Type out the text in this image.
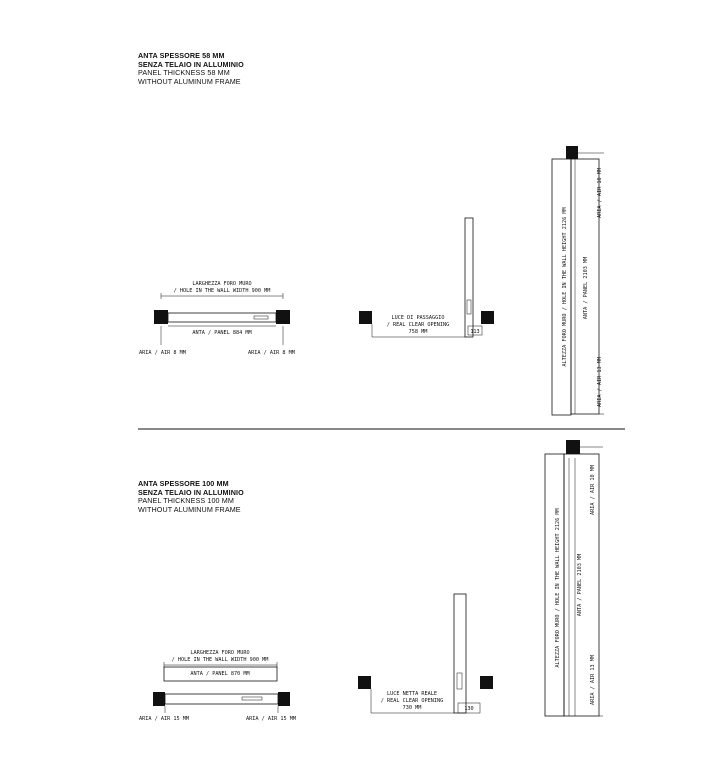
ANTA SPESSORE 58 MM
SENZA TELAIO IN ALLUMINIO
PANEL THICKNESS 58 MM
WITHOUT ALUMINUM FRAME
ANTA SPESSORE 100 MM
SENZA TELAIO IN ALLUMINIO
PANEL THICKNESS 100 MM
WITHOUT ALUMINUM FRAME
LARGHEZZA FORO MURO
/ HOLE IN THE WALL WIDTH 900 MM
ANTA / PANEL 884 MM
ARIA / AIR 8 MM	ARIA / AIR 8 MM
LUCE DI PASSAGGIO
/ REAL CLEAR OPENING
758 MM	113	ALTEZZA FORO MURO / HOLE IN THE WALL HEIGHT 2126 MM	ANTA / PANEL 2103 MM
ARIA / AIR 10 MM
ARIA / AIR 13 MM
LARGHEZZA FORO MURO
/ HOLE IN THE WALL WIDTH 900 MM
ANTA / PANEL 870 MM
ARIA / AIR 15 MM	ARIA / AIR 15 MM
LUCE NETTA REALE
/ REAL CLEAR OPENING
730 MM	130
ALTEZZA FORO MURO / HOLE IN THE WALL HEIGHT 2126 MM	ANTA / PANEL 2103 MM
ARIA / AIR 10 MM
ARIA / AIR 13 MM
